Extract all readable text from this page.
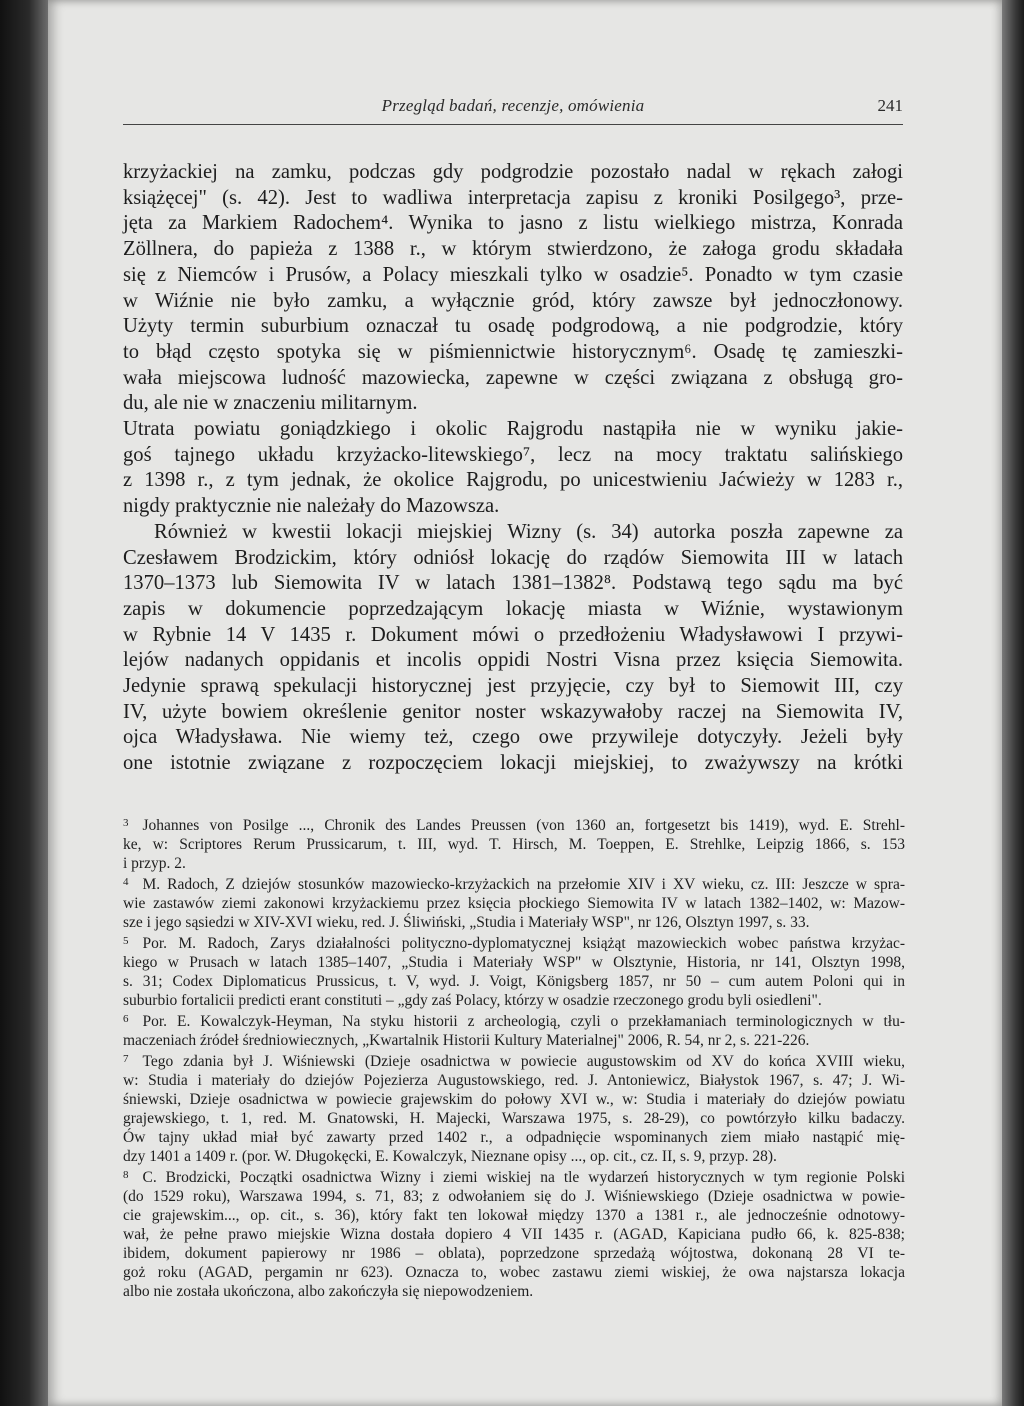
Przegląd badań, recenzje, omówienia	241
krzyżackiej na zamku, podczas gdy podgrodzie pozostało nadal w rękach załogi
książęcej" (s. 42). Jest to wadliwa interpretacja zapisu z kroniki Posilgego³, prze-
jęta za Markiem Radochem⁴. Wynika to jasno z listu wielkiego mistrza, Konrada
Zöllnera, do papieża z 1388 r., w którym stwierdzono, że załoga grodu składała
się z Niemców i Prusów, a Polacy mieszkali tylko w osadzie⁵. Ponadto w tym czasie
w Wiźnie nie było zamku, a wyłącznie gród, który zawsze był jednoczłonowy.
Użyty termin suburbium oznaczał tu osadę podgrodową, a nie podgrodzie, który
to błąd często spotyka się w piśmiennictwie historycznym⁶. Osadę tę zamieszki-
wała miejscowa ludność mazowiecka, zapewne w części związana z obsługą gro-
du, ale nie w znaczeniu militarnym.
Utrata powiatu goniądzkiego i okolic Rajgrodu nastąpiła nie w wyniku jakie-
goś tajnego układu krzyżacko-litewskiego⁷, lecz na mocy traktatu salińskiego
z 1398 r., z tym jednak, że okolice Rajgrodu, po unicestwieniu Jaćwieży w 1283 r.,
nigdy praktycznie nie należały do Mazowsza.
Również w kwestii lokacji miejskiej Wizny (s. 34) autorka poszła zapewne za
Czesławem Brodzickim, który odniósł lokację do rządów Siemowita III w latach
1370–1373 lub Siemowita IV w latach 1381–1382⁸. Podstawą tego sądu ma być
zapis w dokumencie poprzedzającym lokację miasta w Wiźnie, wystawionym
w Rybnie 14 V 1435 r. Dokument mówi o przedłożeniu Władysławowi I przywi-
lejów nadanych oppidanis et incolis oppidi Nostri Visna przez księcia Siemowita.
Jedynie sprawą spekulacji historycznej jest przyjęcie, czy był to Siemowit III, czy
IV, użyte bowiem określenie genitor noster wskazywałoby raczej na Siemowita IV,
ojca Władysława. Nie wiemy też, czego owe przywileje dotyczyły. Jeżeli były
one istotnie związane z rozpoczęciem lokacji miejskiej, to zważywszy na krótki
$^3$ Johannes von Posilge ..., Chronik des Landes Preussen (von 1360 an, fortgesetzt bis 1419), wyd. E. Strehl-
ke, w: Scriptores Rerum Prussicarum, t. III, wyd. T. Hirsch, M. Toeppen, E. Strehlke, Leipzig 1866, s. 153
i przyp. 2.
$^4$ M. Radoch, Z dziejów stosunków mazowiecko-krzyżackich na przełomie XIV i XV wieku, cz. III: Jeszcze w spra-
wie zastawów ziemi zakonowi krzyżackiemu przez księcia płockiego Siemowita IV w latach 1382–1402, w: Mazow-
sze i jego sąsiedzi w XIV-XVI wieku, red. J. Śliwiński, „Studia i Materiały WSP", nr 126, Olsztyn 1997, s. 33.
$^5$ Por. M. Radoch, Zarys działalności polityczno-dyplomatycznej książąt mazowieckich wobec państwa krzyżac-
kiego w Prusach w latach 1385–1407, „Studia i Materiały WSP" w Olsztynie, Historia, nr 141, Olsztyn 1998,
s. 31; Codex Diplomaticus Prussicus, t. V, wyd. J. Voigt, Königsberg 1857, nr 50 – cum autem Poloni qui in
suburbio fortalicii predicti erant constituti – „gdy zaś Polacy, którzy w osadzie rzeczonego grodu byli osiedleni".
$^6$ Por. E. Kowalczyk-Heyman, Na styku historii z archeologią, czyli o przekłamaniach terminologicznych w tłu-
maczeniach źródeł średniowiecznych, „Kwartalnik Historii Kultury Materialnej" 2006, R. 54, nr 2, s. 221-226.
$^7$ Tego zdania był J. Wiśniewski (Dzieje osadnictwa w powiecie augustowskim od XV do końca XVIII wieku,
w: Studia i materiały do dziejów Pojezierza Augustowskiego, red. J. Antoniewicz, Białystok 1967, s. 47; J. Wi-
śniewski, Dzieje osadnictwa w powiecie grajewskim do połowy XVI w., w: Studia i materiały do dziejów powiatu
grajewskiego, t. 1, red. M. Gnatowski, H. Majecki, Warszawa 1975, s. 28-29), co powtórzyło kilku badaczy.
Ów tajny układ miał być zawarty przed 1402 r., a odpadnięcie wspominanych ziem miało nastąpić mię-
dzy 1401 a 1409 r. (por. W. Długokęcki, E. Kowalczyk, Nieznane opisy ..., op. cit., cz. II, s. 9, przyp. 28).
$^8$ C. Brodzicki, Początki osadnictwa Wizny i ziemi wiskiej na tle wydarzeń historycznych w tym regionie Polski
(do 1529 roku), Warszawa 1994, s. 71, 83; z odwołaniem się do J. Wiśniewskiego (Dzieje osadnictwa w powie-
cie grajewskim..., op. cit., s. 36), który fakt ten lokował między 1370 a 1381 r., ale jednocześnie odnotowy-
wał, że pełne prawo miejskie Wizna dostała dopiero 4 VII 1435 r. (AGAD, Kapiciana pudło 66, k. 825-838;
ibidem, dokument papierowy nr 1986 – oblata), poprzedzone sprzedażą wójtostwa, dokonaną 28 VI te-
goż roku (AGAD, pergamin nr 623). Oznacza to, wobec zastawu ziemi wiskiej, że owa najstarsza lokacja
albo nie została ukończona, albo zakończyła się niepowodzeniem.
